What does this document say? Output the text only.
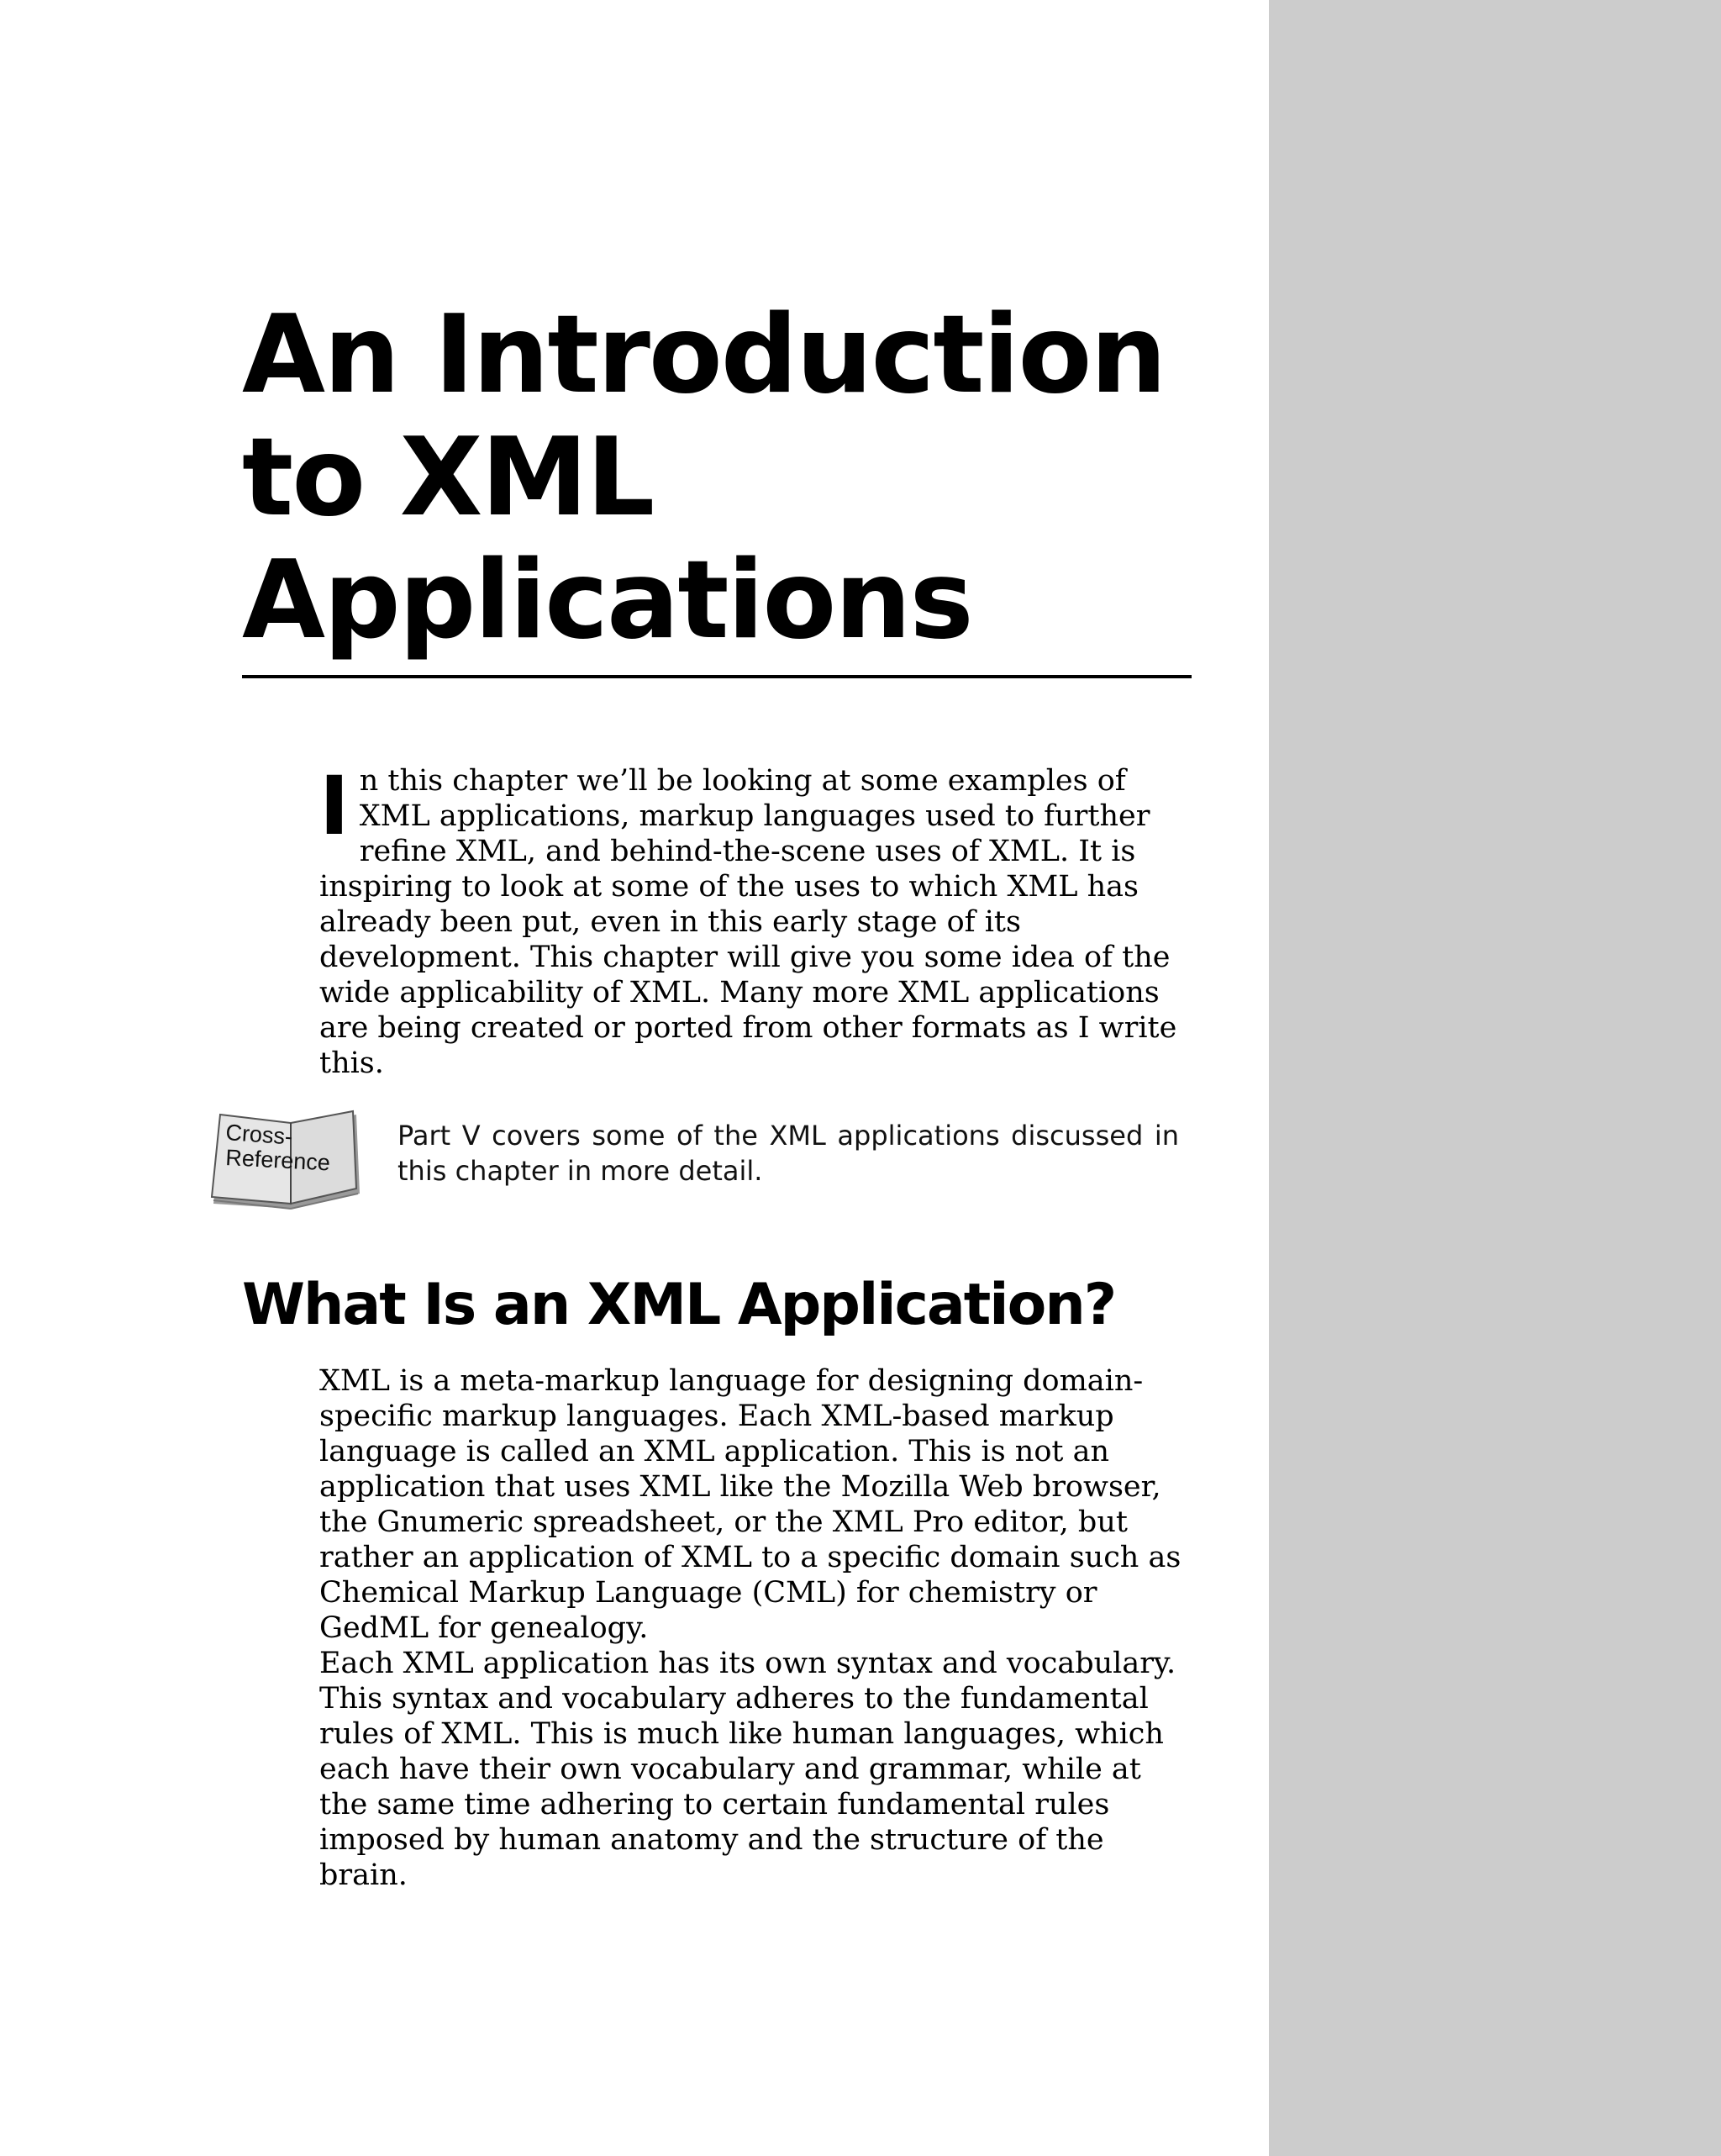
An Introduction to XML Applications

In this chapter we’ll be looking at some examples of XML applications, markup languages used to further refine XML, and behind-the-scene uses of XML. It is inspiring to look at some of the uses to which XML has already been put, even in this early stage of its development. This chapter will give you some idea of the wide applicability of XML. Many more XML applications are being created or ported from other formats as I write this.

Cross-
Reference
Part V covers some of the XML applications discussed in this chapter in more detail.
What Is an XML Application?

XML is a meta-markup language for designing domain-specific markup languages. Each XML-based markup language is called an XML application. This is not an application that uses XML like the Mozilla Web browser, the Gnumeric spreadsheet, or the XML Pro editor, but rather an application of XML to a specific domain such as Chemical Markup Language (CML) for chemistry or GedML for genealogy.

Each XML application has its own syntax and vocabulary. This syntax and vocabulary adheres to the fundamental rules of XML. This is much like human languages, which each have their own vocabulary and grammar, while at the same time adhering to certain fundamental rules imposed by human anatomy and the structure of the brain.
